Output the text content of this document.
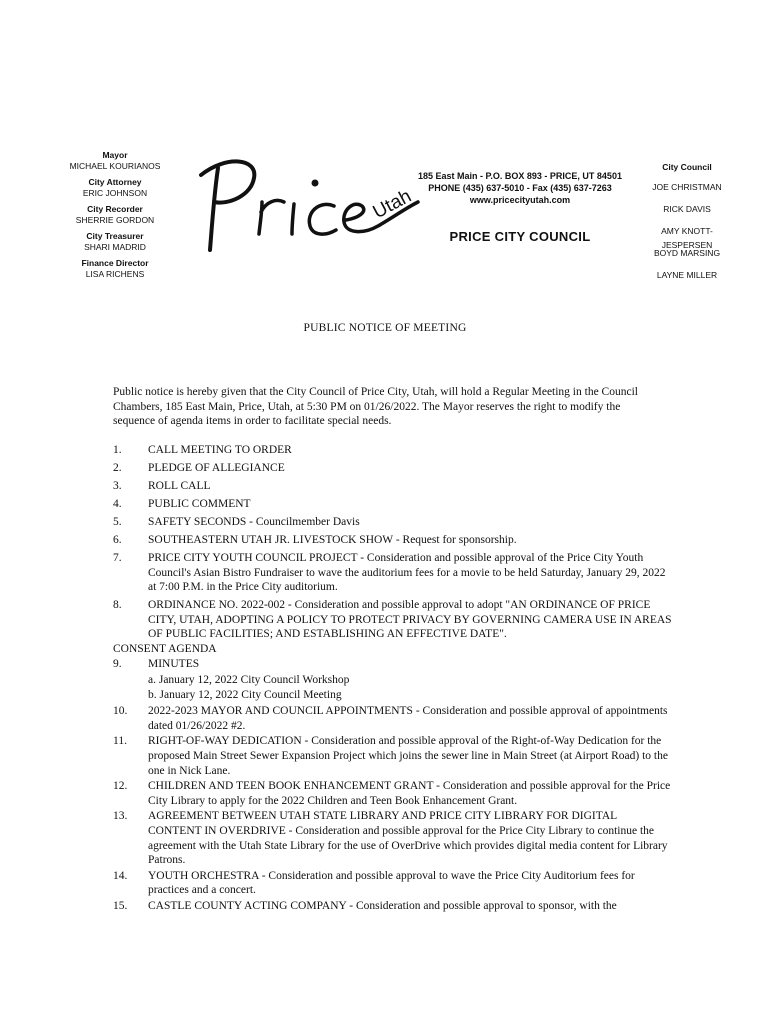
Mayor
MICHAEL KOURIANOS
City Attorney
ERIC JOHNSON
City Recorder
SHERRIE GORDON
City Treasurer
SHARI MADRID
Finance Director
LISA RICHENS
Utah
185 East Main - P.O. BOX 893 - PRICE, UT 84501
PHONE (435) 637-5010 - Fax (435) 637-7263
www.pricecityutah.com
PRICE CITY COUNCIL
City Council
JOE CHRISTMAN
RICK DAVIS
AMY KNOTT-JESPERSEN
BOYD MARSING
LAYNE MILLER
PUBLIC NOTICE OF MEETING
Public notice is hereby given that the City Council of Price City, Utah, will hold a Regular Meeting in the Council Chambers, 185 East Main, Price, Utah, at 5:30 PM on 01/26/2022. The Mayor reserves the right to modify the sequence of agenda items in order to facilitate special needs.
1.	CALL MEETING TO ORDER
2.	PLEDGE OF ALLEGIANCE
3.	ROLL CALL
4.	PUBLIC COMMENT
5.	SAFETY SECONDS - Councilmember Davis
6.	SOUTHEASTERN UTAH JR. LIVESTOCK SHOW - Request for sponsorship.
7.	PRICE CITY YOUTH COUNCIL PROJECT - Consideration and possible approval of the Price City Youth Council's Asian Bistro Fundraiser to wave the auditorium fees for a movie to be held Saturday, January 29, 2022 at 7:00 P.M. in the Price City auditorium.
8.	ORDINANCE NO. 2022-002 - Consideration and possible approval to adopt "AN ORDINANCE OF PRICE CITY, UTAH, ADOPTING A POLICY TO PROTECT PRIVACY BY GOVERNING CAMERA USE IN AREAS OF PUBLIC FACILITIES; AND ESTABLISHING AN EFFECTIVE DATE".
CONSENT AGENDA
9.	MINUTES
a. January 12, 2022 City Council Workshop
b. January 12, 2022 City Council Meeting
10.	2022-2023 MAYOR AND COUNCIL APPOINTMENTS - Consideration and possible approval of appointments dated 01/26/2022 #2.
11.	RIGHT-OF-WAY DEDICATION - Consideration and possible approval of the Right-of-Way Dedication for the proposed Main Street Sewer Expansion Project which joins the sewer line in Main Street (at Airport Road) to the one in Nick Lane.
12.	CHILDREN AND TEEN BOOK ENHANCEMENT GRANT - Consideration and possible approval for the Price City Library to apply for the 2022 Children and Teen Book Enhancement Grant.
13.	AGREEMENT BETWEEN UTAH STATE LIBRARY AND PRICE CITY LIBRARY FOR DIGITAL CONTENT IN OVERDRIVE - Consideration and possible approval for the Price City Library to continue the agreement with the Utah State Library for the use of OverDrive which provides digital media content for Library Patrons.
14.	YOUTH ORCHESTRA - Consideration and possible approval to wave the Price City Auditorium fees for practices and a concert.
15.	CASTLE COUNTY ACTING COMPANY - Consideration and possible approval to sponsor, with the
